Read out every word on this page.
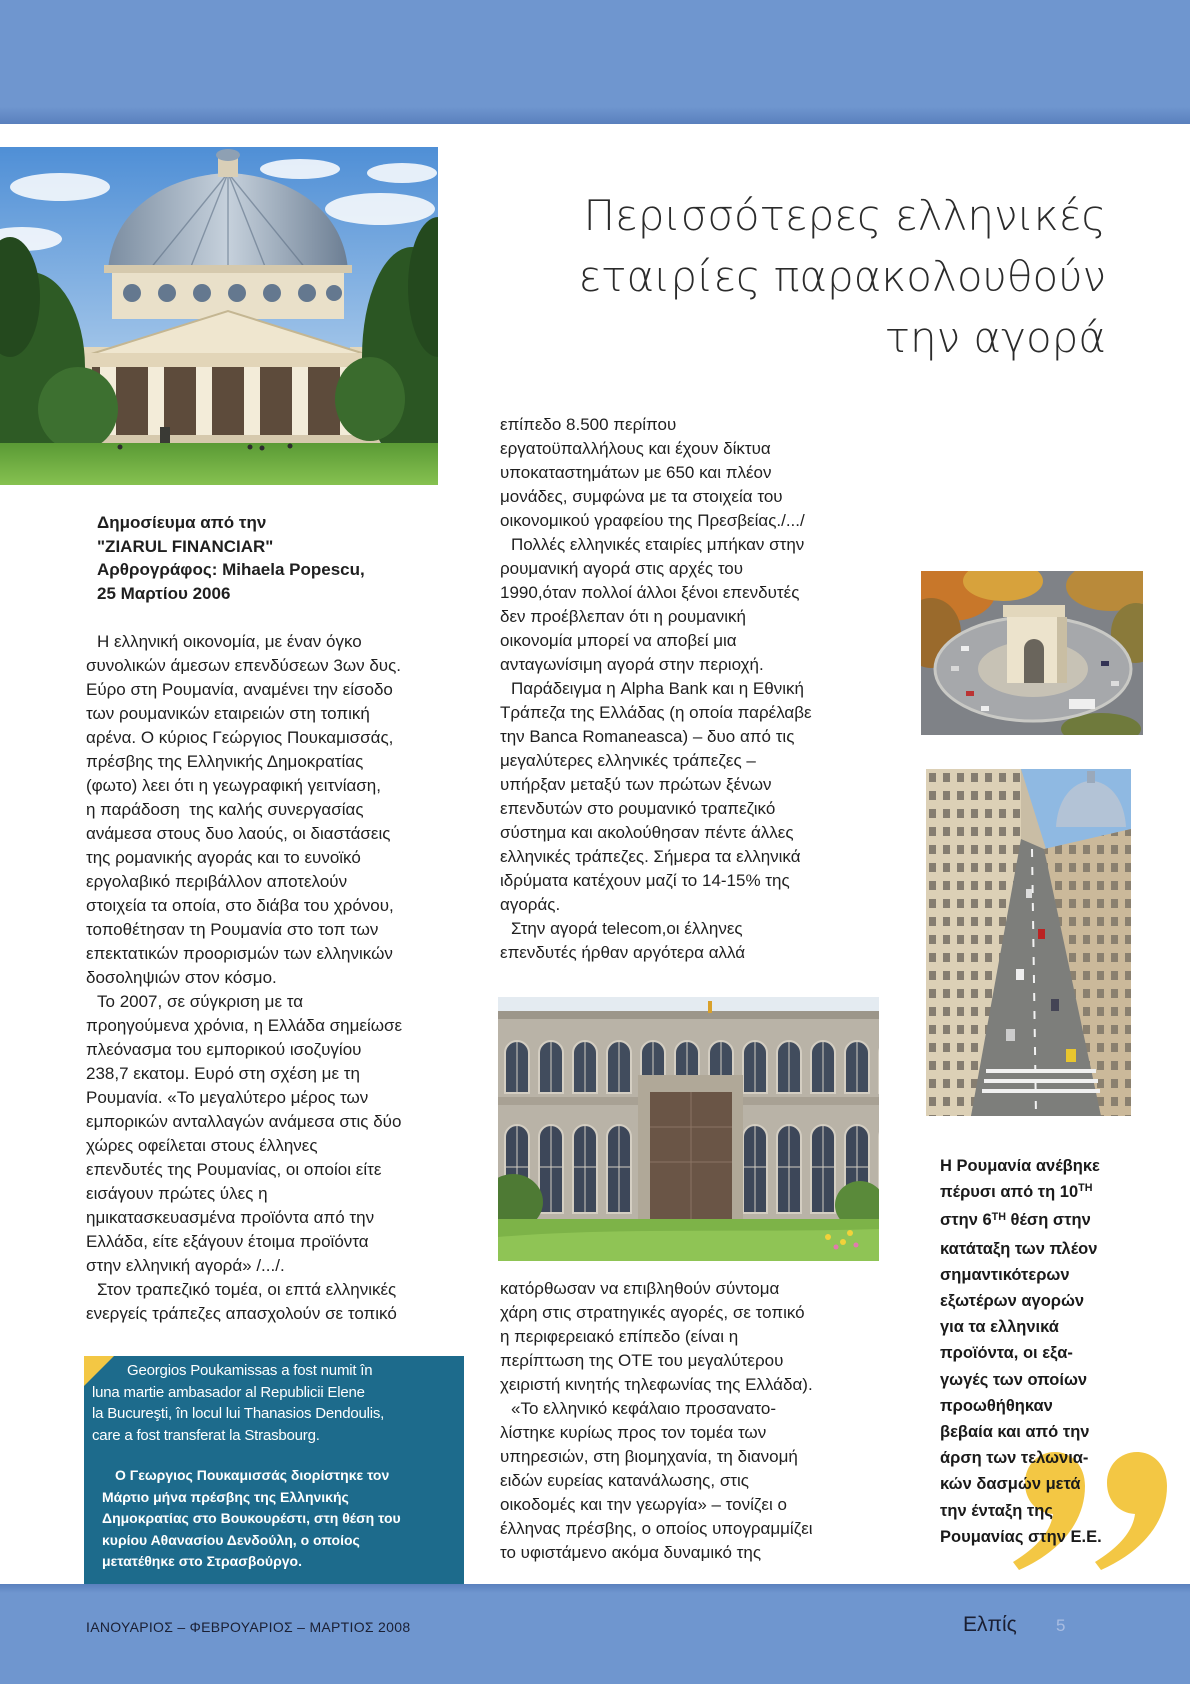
Περισσότερες ελληνικές
εταιρίες παρακολουθούν
την αγορά
Δημοσίευμα από την
"ZIARUL FINANCIAR"
Αρθρογράφος: Mihaela Popescu,
25 Μαρτίου 2006
Η ελληνική οικονομία, με έναν όγκο
συνολικών άμεσων επενδύσεων 3ων δυς.
Εύρο στη Ρουμανία, αναμένει την είσοδο
των ρουμανικών εταιρειών στη τοπική
αρένα. Ο κύριος Γεώργιος Πουκαμισσάς,
πρέσβης της Ελληνικής Δημοκρατίας
(φωτο) λεει ότι η γεωγραφική γειτνίαση,
η παράδοση  της καλής συνεργασίας
ανάμεσα στους δυο λαούς, οι διαστάσεις
της ρομανικής αγοράς και το ευνοϊκό
εργολαβικό περιβάλλον αποτελούν
στοιχεία τα οποία, στο διάβα του χρόνου,
τοποθέτησαν τη Ρουμανία στο τοπ των
επεκτατικών προορισμών των ελληνικών
δοσοληψιών στον κόσμο.
Το 2007, σε σύγκριση με τα
προηγούμενα χρόνια, η Ελλάδα σημείωσε
πλεόνασμα του εμπορικού ισοζυγίου
238,7 εκατομ. Ευρό στη σχέση με τη
Ρουμανία. «Το μεγαλύτερο μέρος των
εμπορικών ανταλλαγών ανάμεσα στις δύο
χώρες οφείλεται στους έλληνες
επενδυτές της Ρουμανίας, οι οποίοι είτε
εισάγουν πρώτες ύλες η
ημικατασκευασμένα προϊόντα από την
Ελλάδα, είτε εξάγουν έτοιμα προϊόντα
στην ελληνική αγορά» /.../.
Στον τραπεζικό τομέα, οι επτά ελληνικές
ενεργείς τράπεζες απασχολούν σε τοπικό
επίπεδο 8.500 περίπου
εργατοϋπαλλήλους και έχουν δίκτυα
υποκαταστημάτων με 650 και πλέον
μονάδες, συμφώνα με τα στοιχεία του
οικονομικού γραφείου της Πρεσβείας./.../
Πολλές ελληνικές εταιρίες μπήκαν στην
ρουμανική αγορά στις αρχές του
1990,όταν πολλοί άλλοι ξένοι επενδυτές
δεν προέβλεπαν ότι η ρουμανική
οικονομία μπορεί να αποβεί μια
ανταγωνίσιμη αγορά στην περιοχή.
Παράδειγμα η Alpha Bank και η Εθνική
Τράπεζα της Ελλάδας (η οποία παρέλαβε
την Banca Romaneasca) – δυο από τις
μεγαλύτερες ελληνικές τράπεζες –
υπήρξαν μεταξύ των πρώτων ξένων
επενδυτών στο ρουμανικό τραπεζικό
σύστημα και ακολούθησαν πέντε άλλες
ελληνικές τράπεζες. Σήμερα τα ελληνικά
ιδρύματα κατέχουν μαζί το 14-15% της
αγοράς.
Στην αγορά telecom,οι έλληνες
επενδυτές ήρθαν αργότερα αλλά
κατόρθωσαν να επιβληθούν σύντομα
χάρη στις στρατηγικές αγορές, σε τοπικό
η περιφερειακό επίπεδο (είναι η
περίπτωση της ΟΤΕ του μεγαλύτερου
χειριστή κινητής τηλεφωνίας της Ελλάδα).
«Το ελληνικό κεφάλαιο προσανατο-
λίστηκε κυρίως προς τον τομέα των
υπηρεσιών, στη βιομηχανία, τη διανομή
ειδών ευρείας κατανάλωσης, στις
οικοδομές και την γεωργία» – τονίζει ο
έλληνας πρέσβης, ο οποίος υπογραμμίζει
το υφιστάμενο ακόμα δυναμικό της
Η Ρουμανία ανέβηκε
πέρυσι από τη $10^{TH}$
στην $6^{TH}$ θέση στην
κατάταξη των πλέον
σημαντικότερων
εξωτέρων αγορών
για τα ελληνικά
προϊόντα, οι εξα-
γωγές των οποίων
προωθήθηκαν
βεβαία και από την
άρση των τελωνια-
κών δασμών μετά
την ένταξη της
Ρουμανίας στην Ε.Ε.
Georgios Poukamissas a fost numit în
luna martie ambasador al Republicii Elene
la Bucureşti, în locul lui Thanasios Dendoulis,
care a fost transferat la Strasbourg.
Ο Γεωργιος Πουκαμισσάς διορίστηκε τον
Μάρτιο μήνα πρέσβης της Ελληνικής
Δημοκρατίας στο Βουκουρέστι, στη θέση του
κυρίου Αθανασίου Δενδούλη, ο οποίος
μετατέθηκε στο Στρασβούργο.
ΙΑΝΟΥΑΡΙΟΣ – ΦΕΒΡΟΥΑΡΙΟΣ – ΜΑΡΤΙΟΣ 2008	Ελπίς 5
